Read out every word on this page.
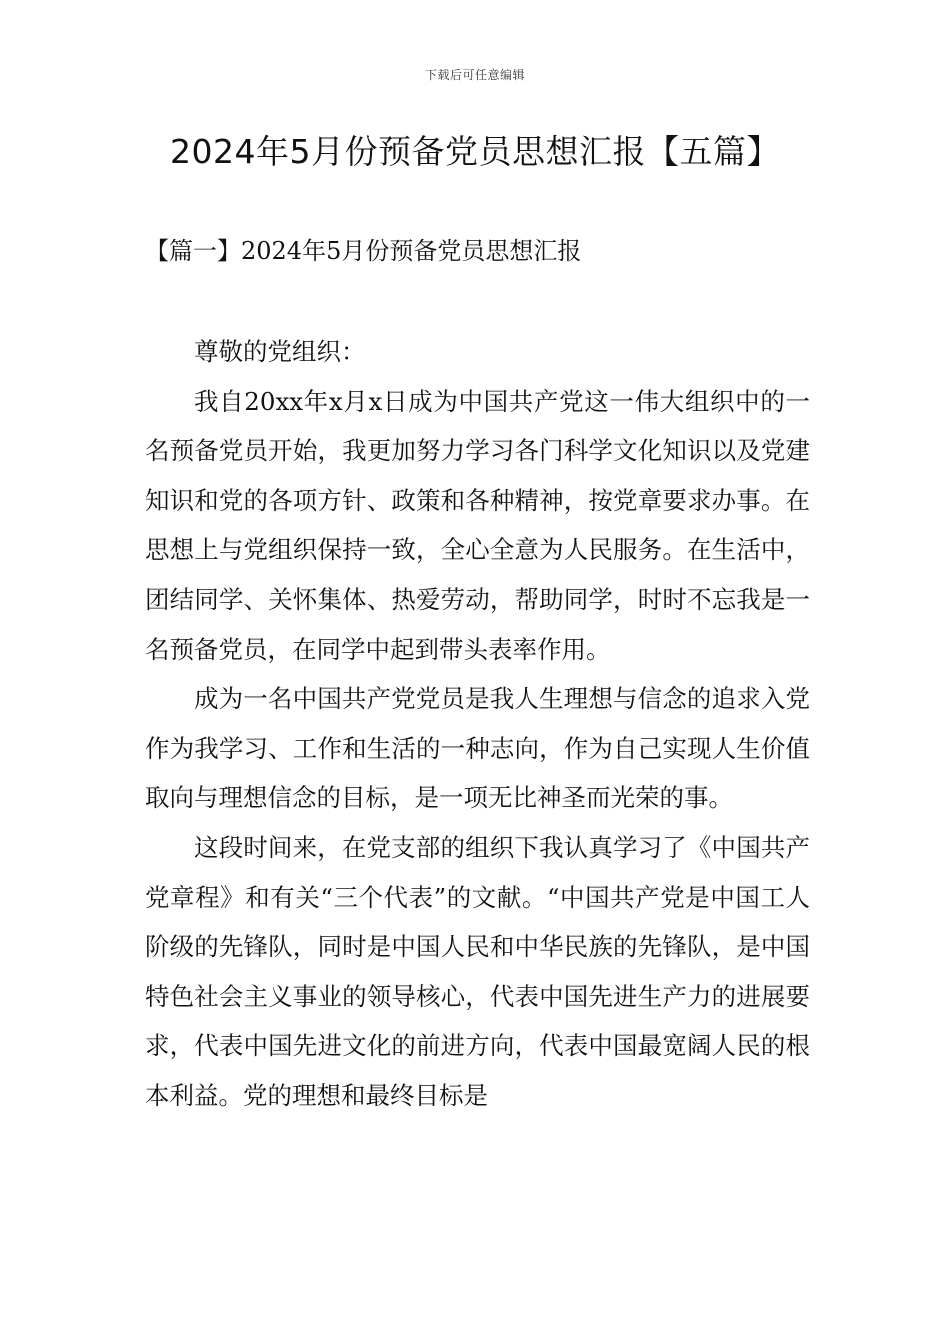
下载后可任意编辑
2024年5月份预备党员思想汇报【五篇】
【篇一】2024年5月份预备党员思想汇报

尊敬的党组织：

我自20xx年x月x日成为中国共产党这一伟大组织中的一名预备党员开始，我更加努力学习各门科学文化知识以及党建知识和党的各项方针、政策和各种精神，按党章要求办事。在思想上与党组织保持一致，全心全意为人民服务。在生活中，团结同学、关怀集体、热爱劳动，帮助同学，时时不忘我是一名预备党员，在同学中起到带头表率作用。

成为一名中国共产党党员是我人生理想与信念的追求入党作为我学习、工作和生活的一种志向，作为自己实现人生价值取向与理想信念的目标，是一项无比神圣而光荣的事。

这段时间来，在党支部的组织下我认真学习了《中国共产党章程》和有关“三个代表”的文献。“中国共产党是中国工人阶级的先锋队，同时是中国人民和中华民族的先锋队，是中国特色社会主义事业的领导核心，代表中国先进生产力的进展要求，代表中国先进文化的前进方向，代表中国最宽阔人民的根本利益。党的理想和最终目标是
